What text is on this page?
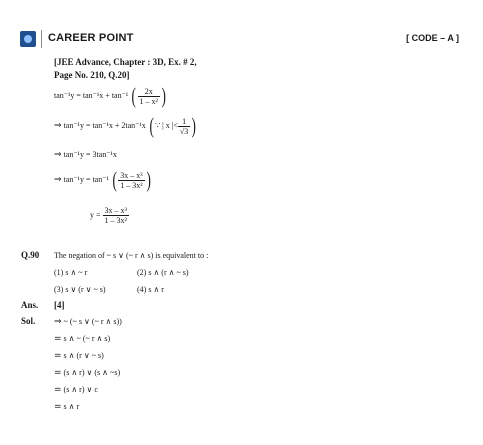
CAREER POINT	[ CODE – A ]
[JEE Advance, Chapter : 3D, Ex. # 2,
Page No. 210, Q.20]
tan⁻¹y = tan⁻¹x + tan⁻¹ ( $\frac{2x}{\text{1 – x²}}$ )
⇒ tan⁻¹y = tan⁻¹x + 2tan⁻¹x (∵ | x |< $\frac{1}{√3}$ )
⇒ tan⁻¹y = 3tan⁻¹x
⇒ tan⁻¹y = tan⁻¹ ( $\frac{\text{3x – x³}}{\text{1 – 3x²}}$ )
$y = \frac{\text{3x – x³}}{\text{1 – 3x²}}$
Q.90 The negation of ~ s ∨ (~ r ∧ s) is equivalent to :
(1) s ∧ ~ r	(2) s ∧ (r ∧ ~ s)
(3) s ∨ (r ∨ ~ s)	(4) s ∧ r
Ans. [4]
Sol. ⇒ ~ (~ s ∨ (~ r ∧ s))
= s ∧ ~ (~ r ∧ s)
= s ∧ (r ∨ ~ s)
= (s ∧ r) ∨ (s ∧ ~s)
= (s ∧ r) ∨ c
= s ∧ r
